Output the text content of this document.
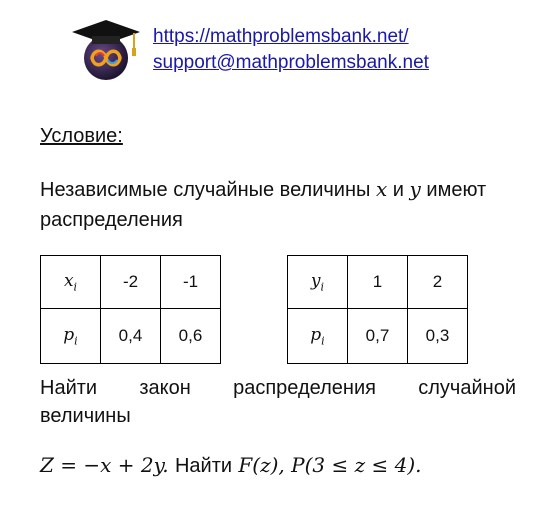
https://mathproblemsbank.net/
support@mathproblemsbank.net
Условие:
Независимые случайные величины x и y имеют распределения
$x_i$	-2	-1
$p_i$	0,4	0,6
$y_i$	1	2
$p_i$	0,7	0,3
Найти закон распределения случайной
величины
Z = −x + 2y. Найти F(z), P(3 ≤ z ≤ 4).
